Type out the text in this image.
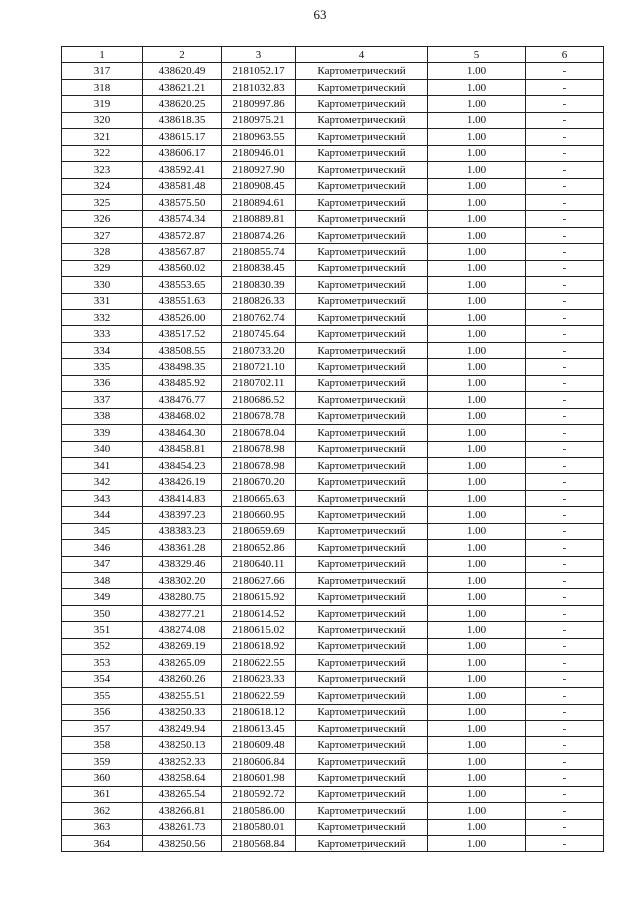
63
1	2	3	4	5	6
317	438620.49	2181052.17	Картометрический	1.00	-
318	438621.21	2181032.83	Картометрический	1.00	-
319	438620.25	2180997.86	Картометрический	1.00	-
320	438618.35	2180975.21	Картометрический	1.00	-
321	438615.17	2180963.55	Картометрический	1.00	-
322	438606.17	2180946.01	Картометрический	1.00	-
323	438592.41	2180927.90	Картометрический	1.00	-
324	438581.48	2180908.45	Картометрический	1.00	-
325	438575.50	2180894.61	Картометрический	1.00	-
326	438574.34	2180889.81	Картометрический	1.00	-
327	438572.87	2180874.26	Картометрический	1.00	-
328	438567.87	2180855.74	Картометрический	1.00	-
329	438560.02	2180838.45	Картометрический	1.00	-
330	438553.65	2180830.39	Картометрический	1.00	-
331	438551.63	2180826.33	Картометрический	1.00	-
332	438526.00	2180762.74	Картометрический	1.00	-
333	438517.52	2180745.64	Картометрический	1.00	-
334	438508.55	2180733.20	Картометрический	1.00	-
335	438498.35	2180721.10	Картометрический	1.00	-
336	438485.92	2180702.11	Картометрический	1.00	-
337	438476.77	2180686.52	Картометрический	1.00	-
338	438468.02	2180678.78	Картометрический	1.00	-
339	438464.30	2180678.04	Картометрический	1.00	-
340	438458.81	2180678.98	Картометрический	1.00	-
341	438454.23	2180678.98	Картометрический	1.00	-
342	438426.19	2180670.20	Картометрический	1.00	-
343	438414.83	2180665.63	Картометрический	1.00	-
344	438397.23	2180660.95	Картометрический	1.00	-
345	438383.23	2180659.69	Картометрический	1.00	-
346	438361.28	2180652.86	Картометрический	1.00	-
347	438329.46	2180640.11	Картометрический	1.00	-
348	438302.20	2180627.66	Картометрический	1.00	-
349	438280.75	2180615.92	Картометрический	1.00	-
350	438277.21	2180614.52	Картометрический	1.00	-
351	438274.08	2180615.02	Картометрический	1.00	-
352	438269.19	2180618.92	Картометрический	1.00	-
353	438265.09	2180622.55	Картометрический	1.00	-
354	438260.26	2180623.33	Картометрический	1.00	-
355	438255.51	2180622.59	Картометрический	1.00	-
356	438250.33	2180618.12	Картометрический	1.00	-
357	438249.94	2180613.45	Картометрический	1.00	-
358	438250.13	2180609.48	Картометрический	1.00	-
359	438252.33	2180606.84	Картометрический	1.00	-
360	438258.64	2180601.98	Картометрический	1.00	-
361	438265.54	2180592.72	Картометрический	1.00	-
362	438266.81	2180586.00	Картометрический	1.00	-
363	438261.73	2180580.01	Картометрический	1.00	-
364	438250.56	2180568.84	Картометрический	1.00	-
